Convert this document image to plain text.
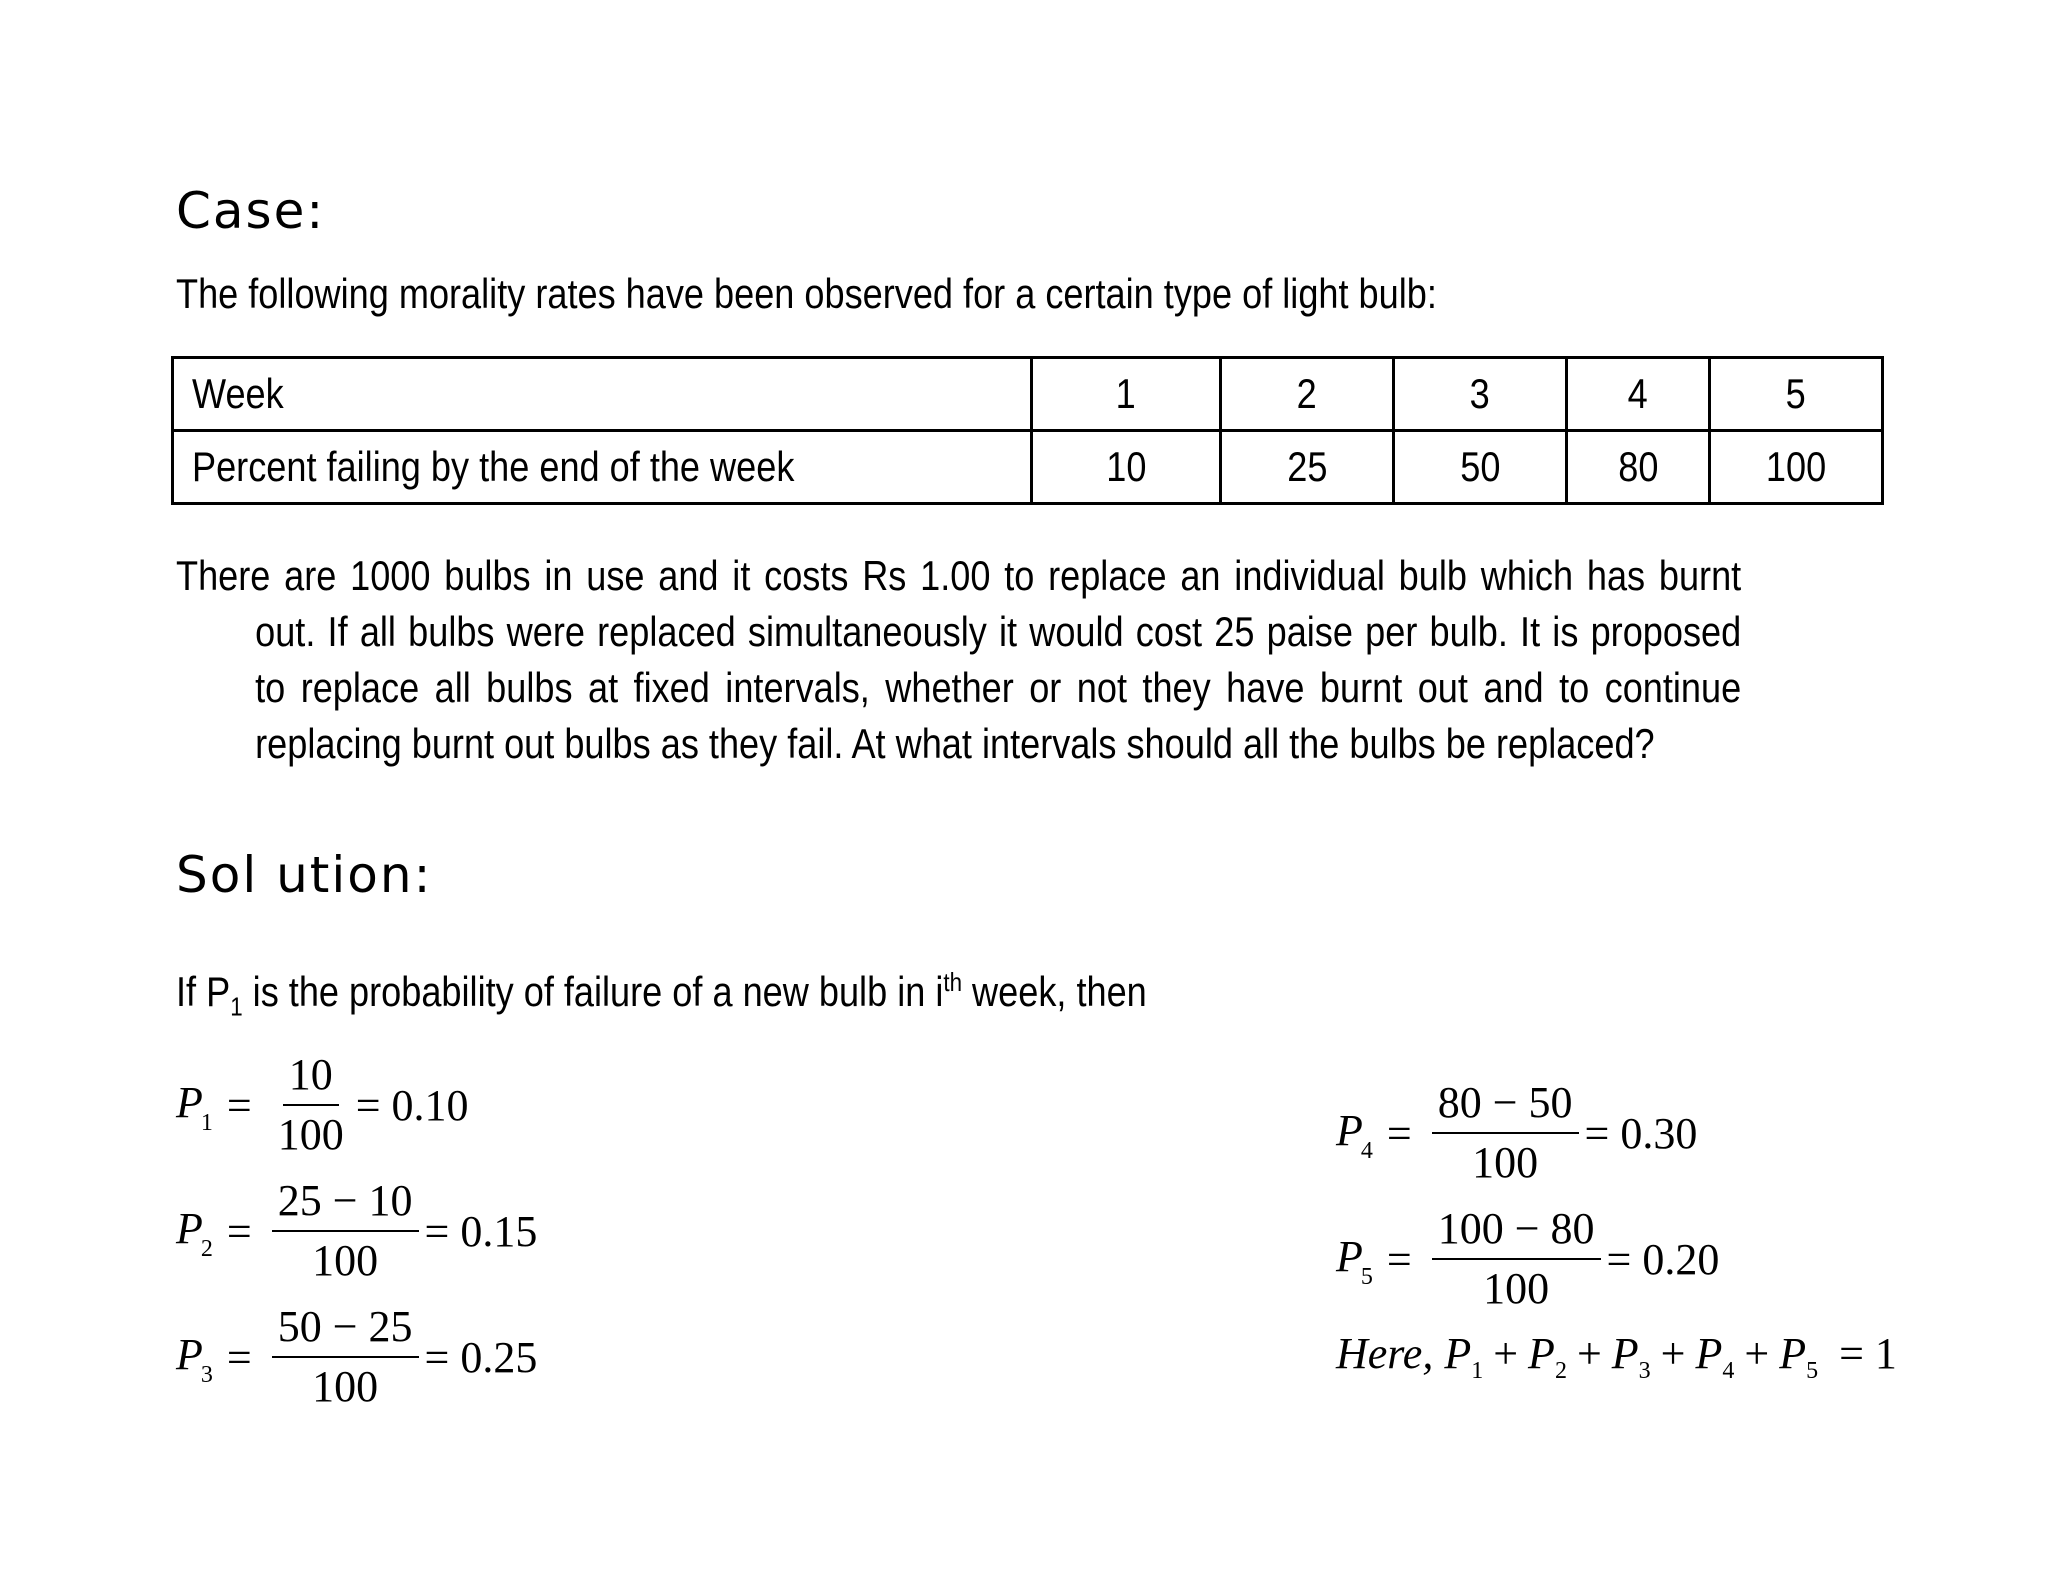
Case:
The following morality rates have been observed for a certain type of light bulb:
Week	1	2	3	4	5
Percent failing by the end of the week	10	25	50	80	100
There are 1000 bulbs in use and it costs Rs 1.00 to replace an individual bulb which has burnt out. If all bulbs were replaced simultaneously it would cost 25 paise per bulb. It is proposed to replace all bulbs at fixed intervals, whether or not they have burnt out and to continue replacing burnt out bulbs as they fail. At what intervals should all the bulbs be replaced?
Sol ution:
If $P_1$ is the probability of failure of a new bulb in $i^{th}$ week, then
$P_1 = \frac{10}{100} = 0.10$
$P_2 = \frac{25 - 10}{100} = 0.15$
$P_3 = \frac{50 - 25}{100} = 0.25$
$P_4 = \frac{80 - 50}{100} = 0.30$
$P_5 = \frac{100 - 80}{100} = 0.20$
Here, $P_1 + P_2 + P_3 + P_4 + P_5 = 1$
